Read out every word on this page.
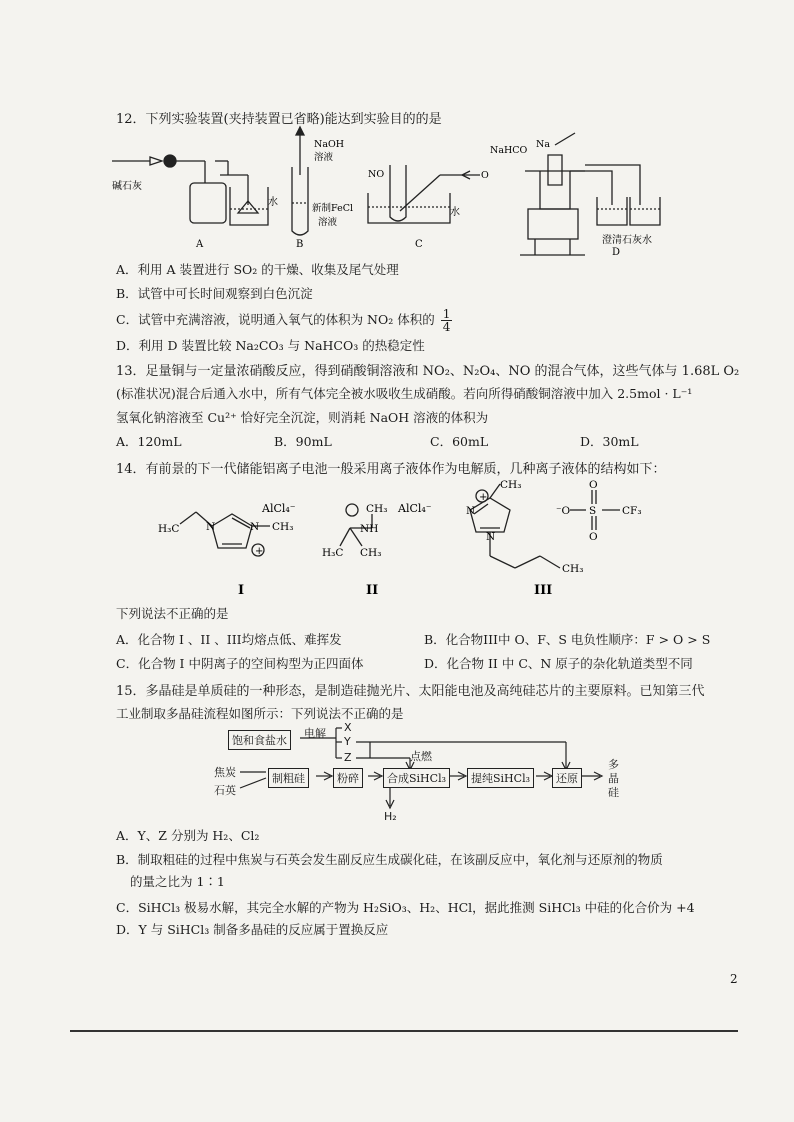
12．下列实验装置(夹持装置已省略)能达到实验目的的是
碱石灰
水
A
NaOH
溶液
新制FeCl
溶液
B
NO	O
水
C
NaHCO
Na
澄清石灰水
D
A．利用 A 装置进行 SO₂ 的干燥、收集及尾气处理
B．试管中可长时间观察到白色沉淀
C．试管中充满溶液，说明通入氧气的体积为 NO₂ 体积的 $\frac{1}{4}$
D．利用 D 装置比较 Na₂CO₃ 与 NaHCO₃ 的热稳定性
13．足量铜与一定量浓硝酸反应，得到硝酸铜溶液和 NO₂、N₂O₄、NO 的混合气体，这些气体与 1.68L O₂
(标准状况)混合后通入水中，所有气体完全被水吸收生成硝酸。若向所得硝酸铜溶液中加入 2.5mol · L⁻¹
氢氧化钠溶液至 Cu²⁺ 恰好完全沉淀，则消耗 NaOH 溶液的体积为
A．120mL	B．90mL	C．60mL	D．30mL
14．有前景的下一代储能铝离子电池一般采用离子液体作为电解质，几种离子液体的结构如下：
AlCl₄⁻
H₃C	CH₃
N	N
+
CH₃ AlCl₄⁻
NH
H₃C CH₃
CH₃
N
N
+
CH₃
O
O
⁻O S CF₃
I	II	III
下列说法不正确的是
A．化合物 I 、II 、III均熔点低、难挥发	B．化合物III中 O、F、S 电负性顺序：F > O > S
C．化合物 I 中阴离子的空间构型为正四面体	D．化合物 II 中 C、N 原子的杂化轨道类型不同
15．多晶硅是单质硅的一种形态，是制造硅抛光片、太阳能电池及高纯硅芯片的主要原料。已知第三代
工业制取多晶硅流程如图所示：下列说法不正确的是
饱和食盐水
电解 X
Y
Z	点燃
焦炭
石英
制粗硅	粉碎	合成SiHCl₃	提纯SiHCl₃	还原
多
晶
硅
H₂
A．Y、Z 分别为 H₂、Cl₂
B．制取粗硅的过程中焦炭与石英会发生副反应生成碳化硅，在该副反应中，氧化剂与还原剂的物质
的量之比为 1∶1
C．SiHCl₃ 极易水解，其完全水解的产物为 H₂SiO₃、H₂、HCl，据此推测 SiHCl₃ 中硅的化合价为 +4
D．Y 与 SiHCl₃ 制备多晶硅的反应属于置换反应
2
